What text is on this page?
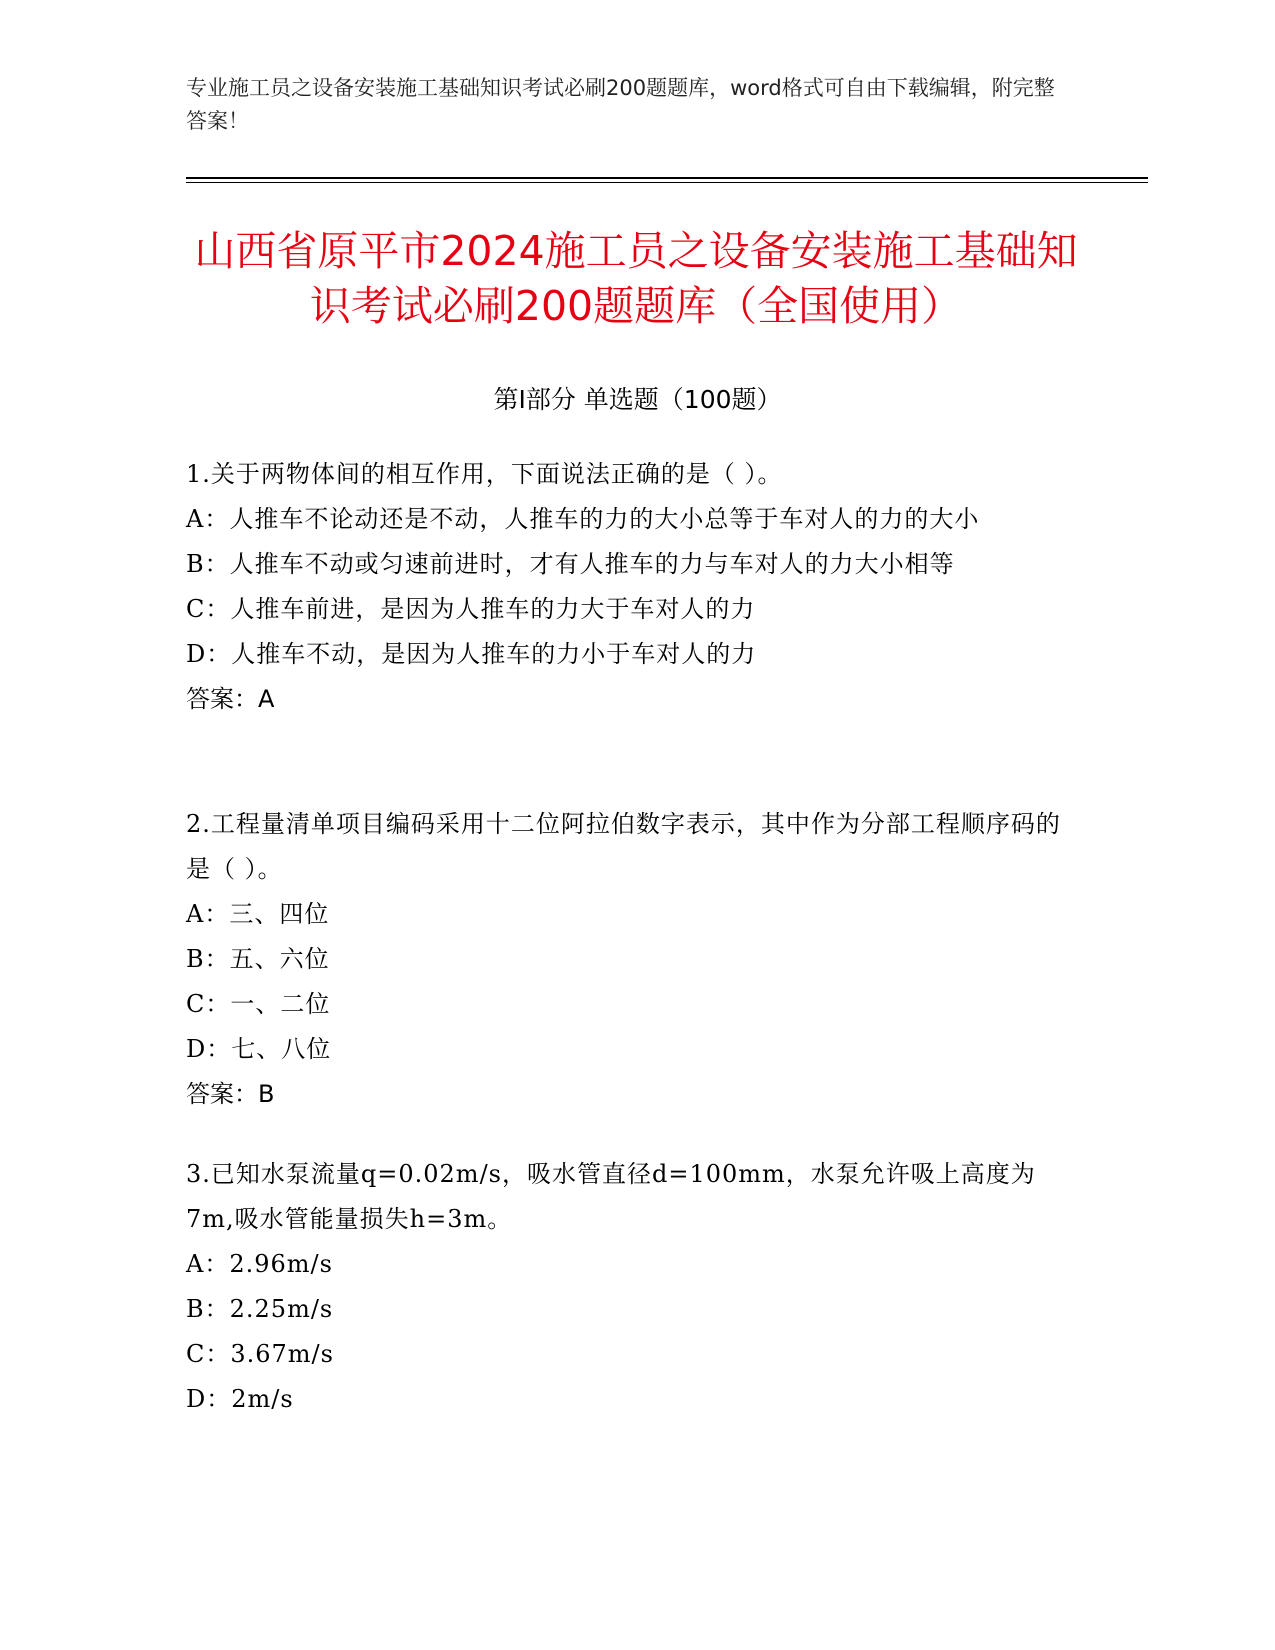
专业施工员之设备安装施工基础知识考试必刷200题题库，word格式可自由下载编辑，附完整答案！
山西省原平市2024施工员之设备安装施工基础知识考试必刷200题题库（全国使用）
第Ⅰ部分 单选题（100题）
1.关于两物体间的相互作用，下面说法正确的是（ ）。
A：人推车不论动还是不动，人推车的力的大小总等于车对人的力的大小
B：人推车不动或匀速前进时，才有人推车的力与车对人的力大小相等
C：人推车前进，是因为人推车的力大于车对人的力
D：人推车不动，是因为人推车的力小于车对人的力
答案：A
2.工程量清单项目编码采用十二位阿拉伯数字表示，其中作为分部工程顺序码的是（ ）。
A：三、四位
B：五、六位
C：一、二位
D：七、八位
答案：B
3.已知水泵流量q=0.02m/s，吸水管直径d=100mm，水泵允许吸上高度为7m,吸水管能量损失h=3m。
A：2.96m/s
B：2.25m/s
C：3.67m/s
D：2m/s
